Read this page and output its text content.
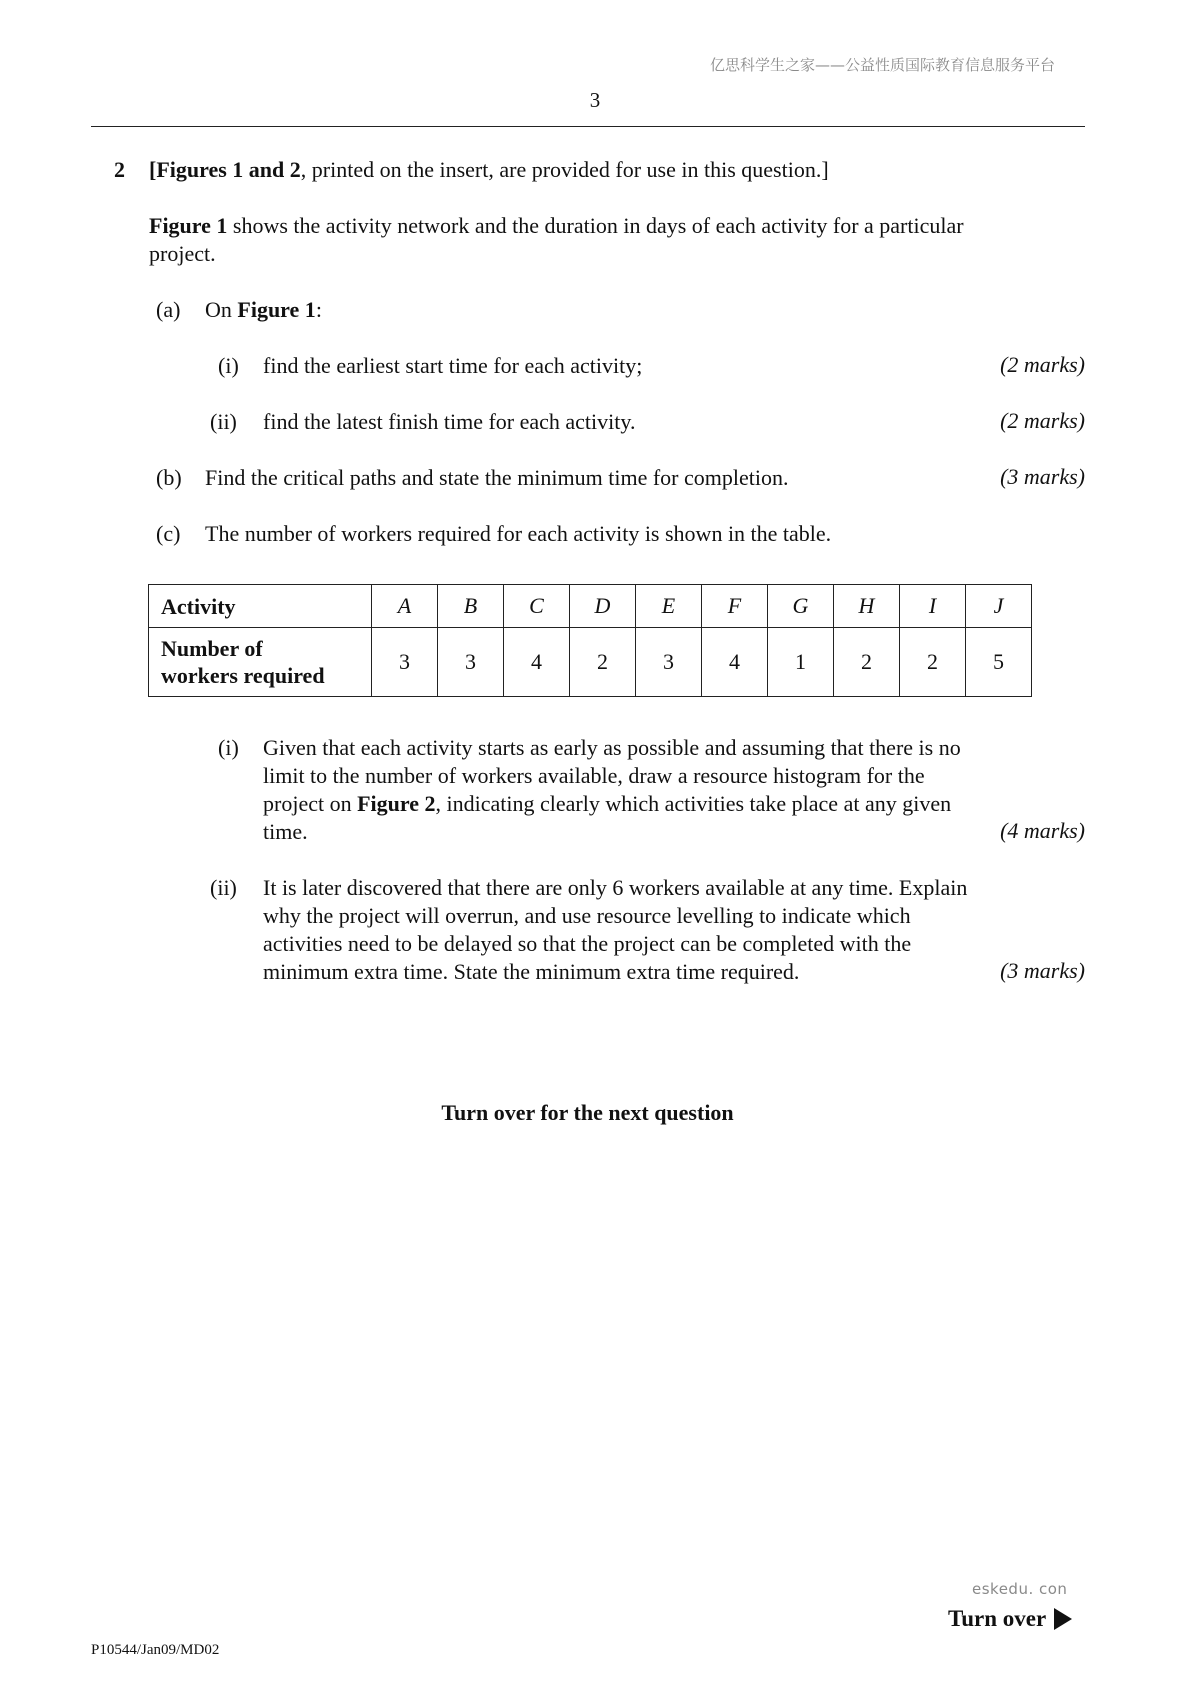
亿思科学生之家——公益性质国际教育信息服务平台
3
2 [Figures 1 and 2, printed on the insert, are provided for use in this question.]
Figure 1 shows the activity network and the duration in days of each activity for a particular
project.
(a) On Figure 1:
(i) find the earliest start time for each activity;	(2 marks)
(ii) find the latest finish time for each activity.	(2 marks)
(b) Find the critical paths and state the minimum time for completion.	(3 marks)
(c) The number of workers required for each activity is shown in the table.
Activity	A	B	C	D	E	F	G	H	I	J
Number of
workers required	3	3	4	2	3	4	1	2	2	5
(i) Given that each activity starts as early as possible and assuming that there is no
limit to the number of workers available, draw a resource histogram for the
project on Figure 2, indicating clearly which activities take place at any given
time.	(4 marks)
(ii) It is later discovered that there are only 6 workers available at any time. Explain
why the project will overrun, and use resource levelling to indicate which
activities need to be delayed so that the project can be completed with the
minimum extra time. State the minimum extra time required.	(3 marks)
Turn over for the next question
eskedu. con
Turn over
P10544/Jan09/MD02
